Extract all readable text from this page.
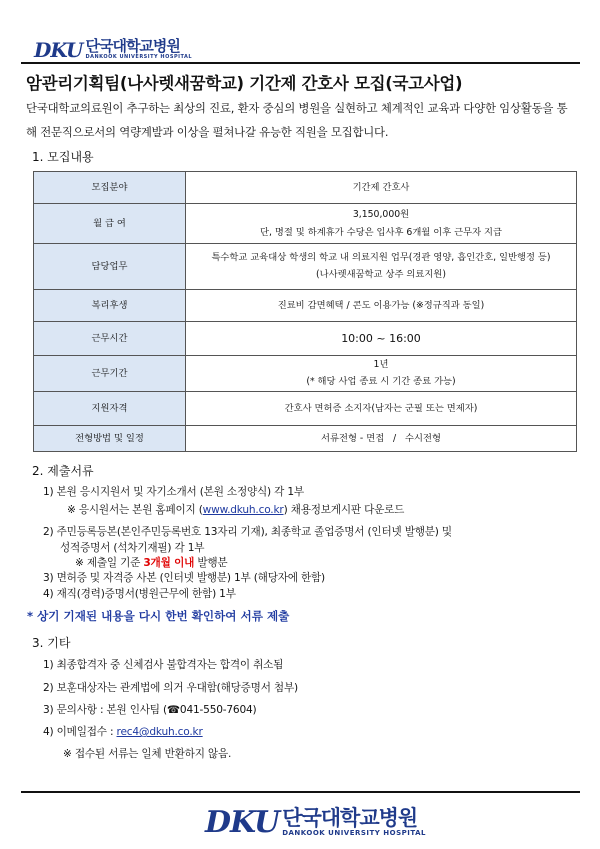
DKU 단국대학교병원
DANKOOK UNIVERSITY HOSPITAL
암관리기획팀(나사렛새꿈학교) 기간제 간호사 모집(국고사업)
단국대학교의료원이 추구하는 최상의 진료, 환자 중심의 병원을 실현하고 체계적인 교육과 다양한 임상활동을 통해 전문직으로서의 역량계발과 이상을 펼쳐나갈 유능한 직원을 모집합니다.
1. 모집내용
모집분야	기간제 간호사
월 급 여	3,150,000원
단, 명절 및 하계휴가 수당은 입사후 6개월 이후 근무자 지급

담당업무	특수학교 교육대상 학생의 학교 내 의료지원 업무(경관 영양, 흡인간호, 일반행정 등)
(나사렛새꿈학교 상주 의료지원)

복리후생	진료비 감면혜택 / 콘도 이용가능 (※정규직과 동일)
근무시간	10:00 ~ 16:00
근무기간	1년
(* 해당 사업 종료 시 기간 종료 가능)

지원자격	간호사 면허증 소지자(남자는 군필 또는 면제자)
전형방법 및 일정	서류전형 - 면접   /   수시전형
2. 제출서류
1) 본원 응시지원서 및 자기소개서 (본원 소정양식) 각 1부
※ 응시원서는 본원 홈페이지 (www.dkuh.co.kr) 채용정보게시판 다운로드
2) 주민등록등본(본인주민등록번호 13자리 기재), 최종학교 졸업증명서 (인터넷 발행분) 및
성적증명서 (석차기재필) 각 1부
※ 제출일 기준 3개월 이내 발행분
3) 면허증 및 자격증 사본 (인터넷 발행분) 1부 (해당자에 한함)
4) 재직(경력)증명서(병원근무에 한함) 1부
* 상기 기재된 내용을 다시 한번 확인하여 서류 제출
3. 기타
1) 최종합격자 중 신체검사 불합격자는 합격이 취소됨
2) 보훈대상자는 관계법에 의거 우대함(해당증명서 첨부)
3) 문의사항 : 본원 인사팀 (☎041-550-7604)
4) 이메일접수 : rec4@dkuh.co.kr
※ 접수된 서류는 일체 반환하지 않음.
DKU 단국대학교병원
DANKOOK UNIVERSITY HOSPITAL
